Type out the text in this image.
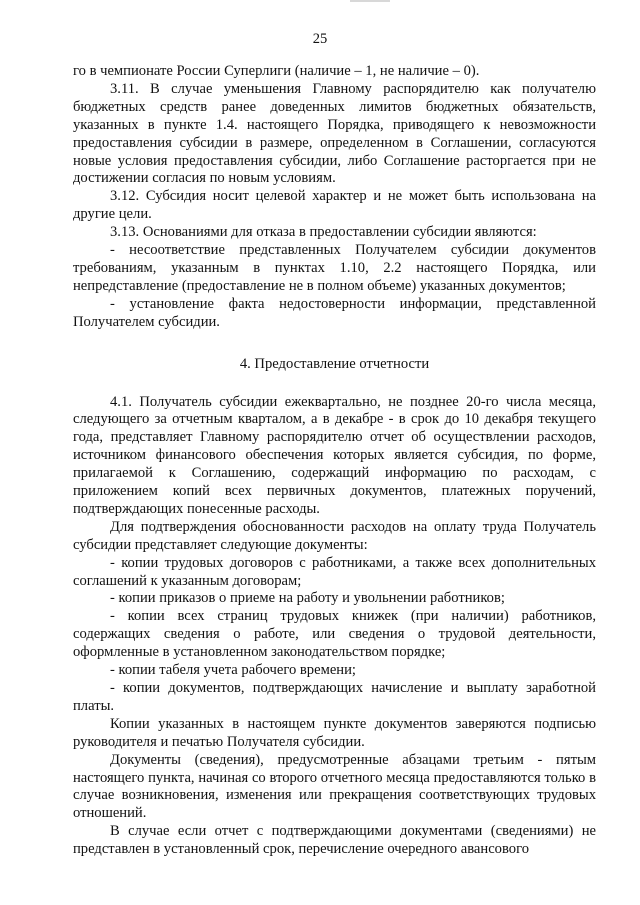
25

го в чемпионате России Суперлиги (наличие – 1, не наличие – 0).

3.11. В случае уменьшения Главному распорядителю как получателю бюджетных средств ранее доведенных лимитов бюджетных обязательств, указанных в пункте 1.4. настоящего Порядка, приводящего к невозможности предоставления субсидии в размере, определенном в Соглашении, согласуются новые условия предоставления субсидии, либо Соглашение расторгается при не достижении согласия по новым условиям.

3.12. Субсидия носит целевой характер и не может быть использована на другие цели.

3.13. Основаниями для отказа в предоставлении субсидии являются:

- несоответствие представленных Получателем субсидии документов требованиям, указанным в пунктах 1.10, 2.2 настоящего Порядка, или непредставление (предоставление не в полном объеме) указанных документов;

- установление факта недостоверности информации, представленной Получателем субсидии.

4. Предоставление отчетности

4.1. Получатель субсидии ежеквартально, не позднее 20-го числа месяца, следующего за отчетным кварталом, а в декабре - в срок до 10 декабря текущего года, представляет Главному распорядителю отчет об осуществлении расходов, источником финансового обеспечения которых является субсидия, по форме, прилагаемой к Соглашению, содержащий информацию по расходам, с приложением копий всех первичных документов, платежных поручений, подтверждающих понесенные расходы.

Для подтверждения обоснованности расходов на оплату труда Получатель субсидии представляет следующие документы:

- копии трудовых договоров с работниками, а также всех дополнительных соглашений к указанным договорам;

- копии приказов о приеме на работу и увольнении работников;

- копии всех страниц трудовых книжек (при наличии) работников, содержащих сведения о работе, или сведения о трудовой деятельности, оформленные в установленном законодательством порядке;

- копии табеля учета рабочего времени;

- копии документов, подтверждающих начисление и выплату заработной платы.

Копии указанных в настоящем пункте документов заверяются подписью руководителя и печатью Получателя субсидии.

Документы (сведения), предусмотренные абзацами третьим - пятым настоящего пункта, начиная со второго отчетного месяца предоставляются только в случае возникновения, изменения или прекращения соответствующих трудовых отношений.

В случае если отчет с подтверждающими документами (сведениями) не представлен в установленный срок, перечисление очередного авансового
